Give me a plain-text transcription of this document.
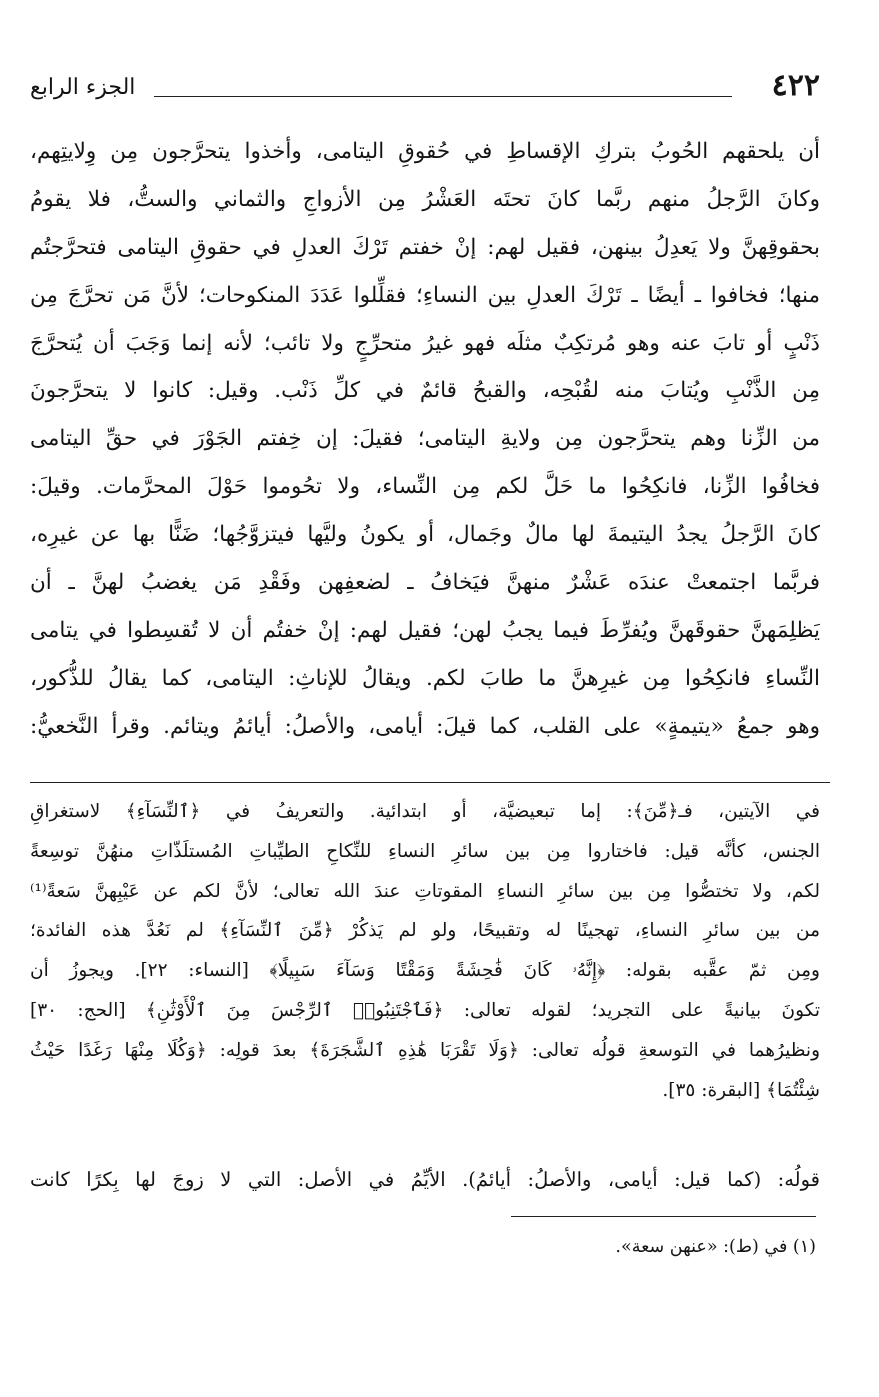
٤٢٢
الجزء الرابع
أن يلحقهم الحُوبُ بتركِ الإقساطِ في حُقوقِ اليتامى، وأخذوا يتحرَّجون مِن وِلايتِهم،
وكانَ الرَّجلُ منهم ربَّما كانَ تحتَه العَشْرُ مِن الأزواجِ والثماني والستُّ، فلا يقومُ
بحقوقِهنَّ ولا يَعدِلُ بينهن، فقيل لهم: إنْ خفتم تَرْكَ العدلِ في حقوقِ اليتامى فتحرَّجتُم
منها؛ فخافوا ـ أيضًا ـ تَرْكَ العدلِ بين النساءِ؛ فقلِّلوا عَدَدَ المنكوحات؛ لأنَّ مَن تحرَّجَ مِن
ذَنْبٍ أو تابَ عنه وهو مُرتكِبٌ مثلَه فهو غيرُ متحرِّجٍ ولا تائب؛ لأنه إنما وَجَبَ أن يُتحرَّجَ
مِن الذَّنْبِ ويُتابَ منه لقُبْحِه، والقبحُ قائمٌ في كلِّ ذَنْب. وقيل: كانوا لا يتحرَّجونَ
من الزِّنا وهم يتحرَّجون مِن ولايةِ اليتامى؛ فقيلَ: إن خِفتم الجَوْرَ في حقِّ اليتامى
فخافُوا الزِّنا، فانكِحُوا ما حَلَّ لكم مِن النِّساء، ولا تحُوموا حَوْلَ المحرَّمات. وقيلَ:
كانَ الرَّجلُ يجدُ اليتيمةَ لها مالٌ وجَمال، أو يكونُ وليَّها فيتزوَّجُها؛ ضَنًّا بها عن غيرِه،
فربَّما اجتمعتْ عندَه عَشْرٌ منهنَّ فيَخافُ ـ لضعفِهن وفَقْدِ مَن يغضبُ لهنَّ ـ أن
يَظلِمَهنَّ حقوقَهنَّ ويُفرِّطَ فيما يجبُ لهن؛ فقيل لهم: إنْ خفتُم أن لا تُقسِطوا في يتامى
النِّساءِ فانكِحُوا مِن غيرِهنَّ ما طابَ لكم. ويقالُ للإناثِ: اليتامى، كما يقالُ للذُّكور،
وهو جمعُ «يتيمةٍ» على القلب، كما قيلَ: أيامى، والأصلُ: أيائمُ ويتائم. وقرأ النَّخعيُّ:
في الآيتين، فـ﴿مِّنَ﴾: إما تبعيضيَّة، أو ابتدائية. والتعريفُ في ﴿ٱلنِّسَآءِ﴾ لاستغراقِ
الجنس، كأنَّه قيل: فاختاروا مِن بين سائرِ النساءِ للنِّكاحِ الطيِّباتِ المُستلَذّاتِ منهُنَّ توسِعةً
لكم، ولا تختصُّوا مِن بين سائرِ النساءِ المقوتاتِ عندَ الله تعالى؛ لأنَّ لكم عن عَيْبِهنَّ سَعةً⁽¹⁾
من بين سائرِ النساءِ، تهجينًا له وتقبيحًا، ولو لم يَذكُرْ ﴿مِّنَ ٱلنِّسَآءِ﴾ لم نَعُدَّ هذه الفائدة؛
ومِن ثمّ عقَّبه بقوله: ﴿إِنَّهُۥ كَانَ فَٰحِشَةً وَمَقْتًا وَسَآءَ سَبِيلًا﴾ [النساء: ٢٢]. ويجوزُ أن
تكونَ بيانيةً على التجريد؛ لقوله تعالى: ﴿فَٱجْتَنِبُوا۟ ٱلرِّجْسَ مِنَ ٱلْأَوْثَٰنِ﴾ [الحج: ٣٠]
ونظيرُهما في التوسعةِ قولُه تعالى: ﴿وَلَا تَقْرَبَا هَٰذِهِ ٱلشَّجَرَةَ﴾ بعدَ قولِه: ﴿وَكُلَا مِنْهَا رَغَدًا حَيْثُ
شِئْتُمَا﴾ [البقرة: ٣٥].
قولُه: (كما قيل: أيامى، والأصلُ: أيائمُ). الأيِّمُ في الأصل: التي لا زوجَ لها بِكرًا كانت
(١) في (ط): «عنهن سعة».
